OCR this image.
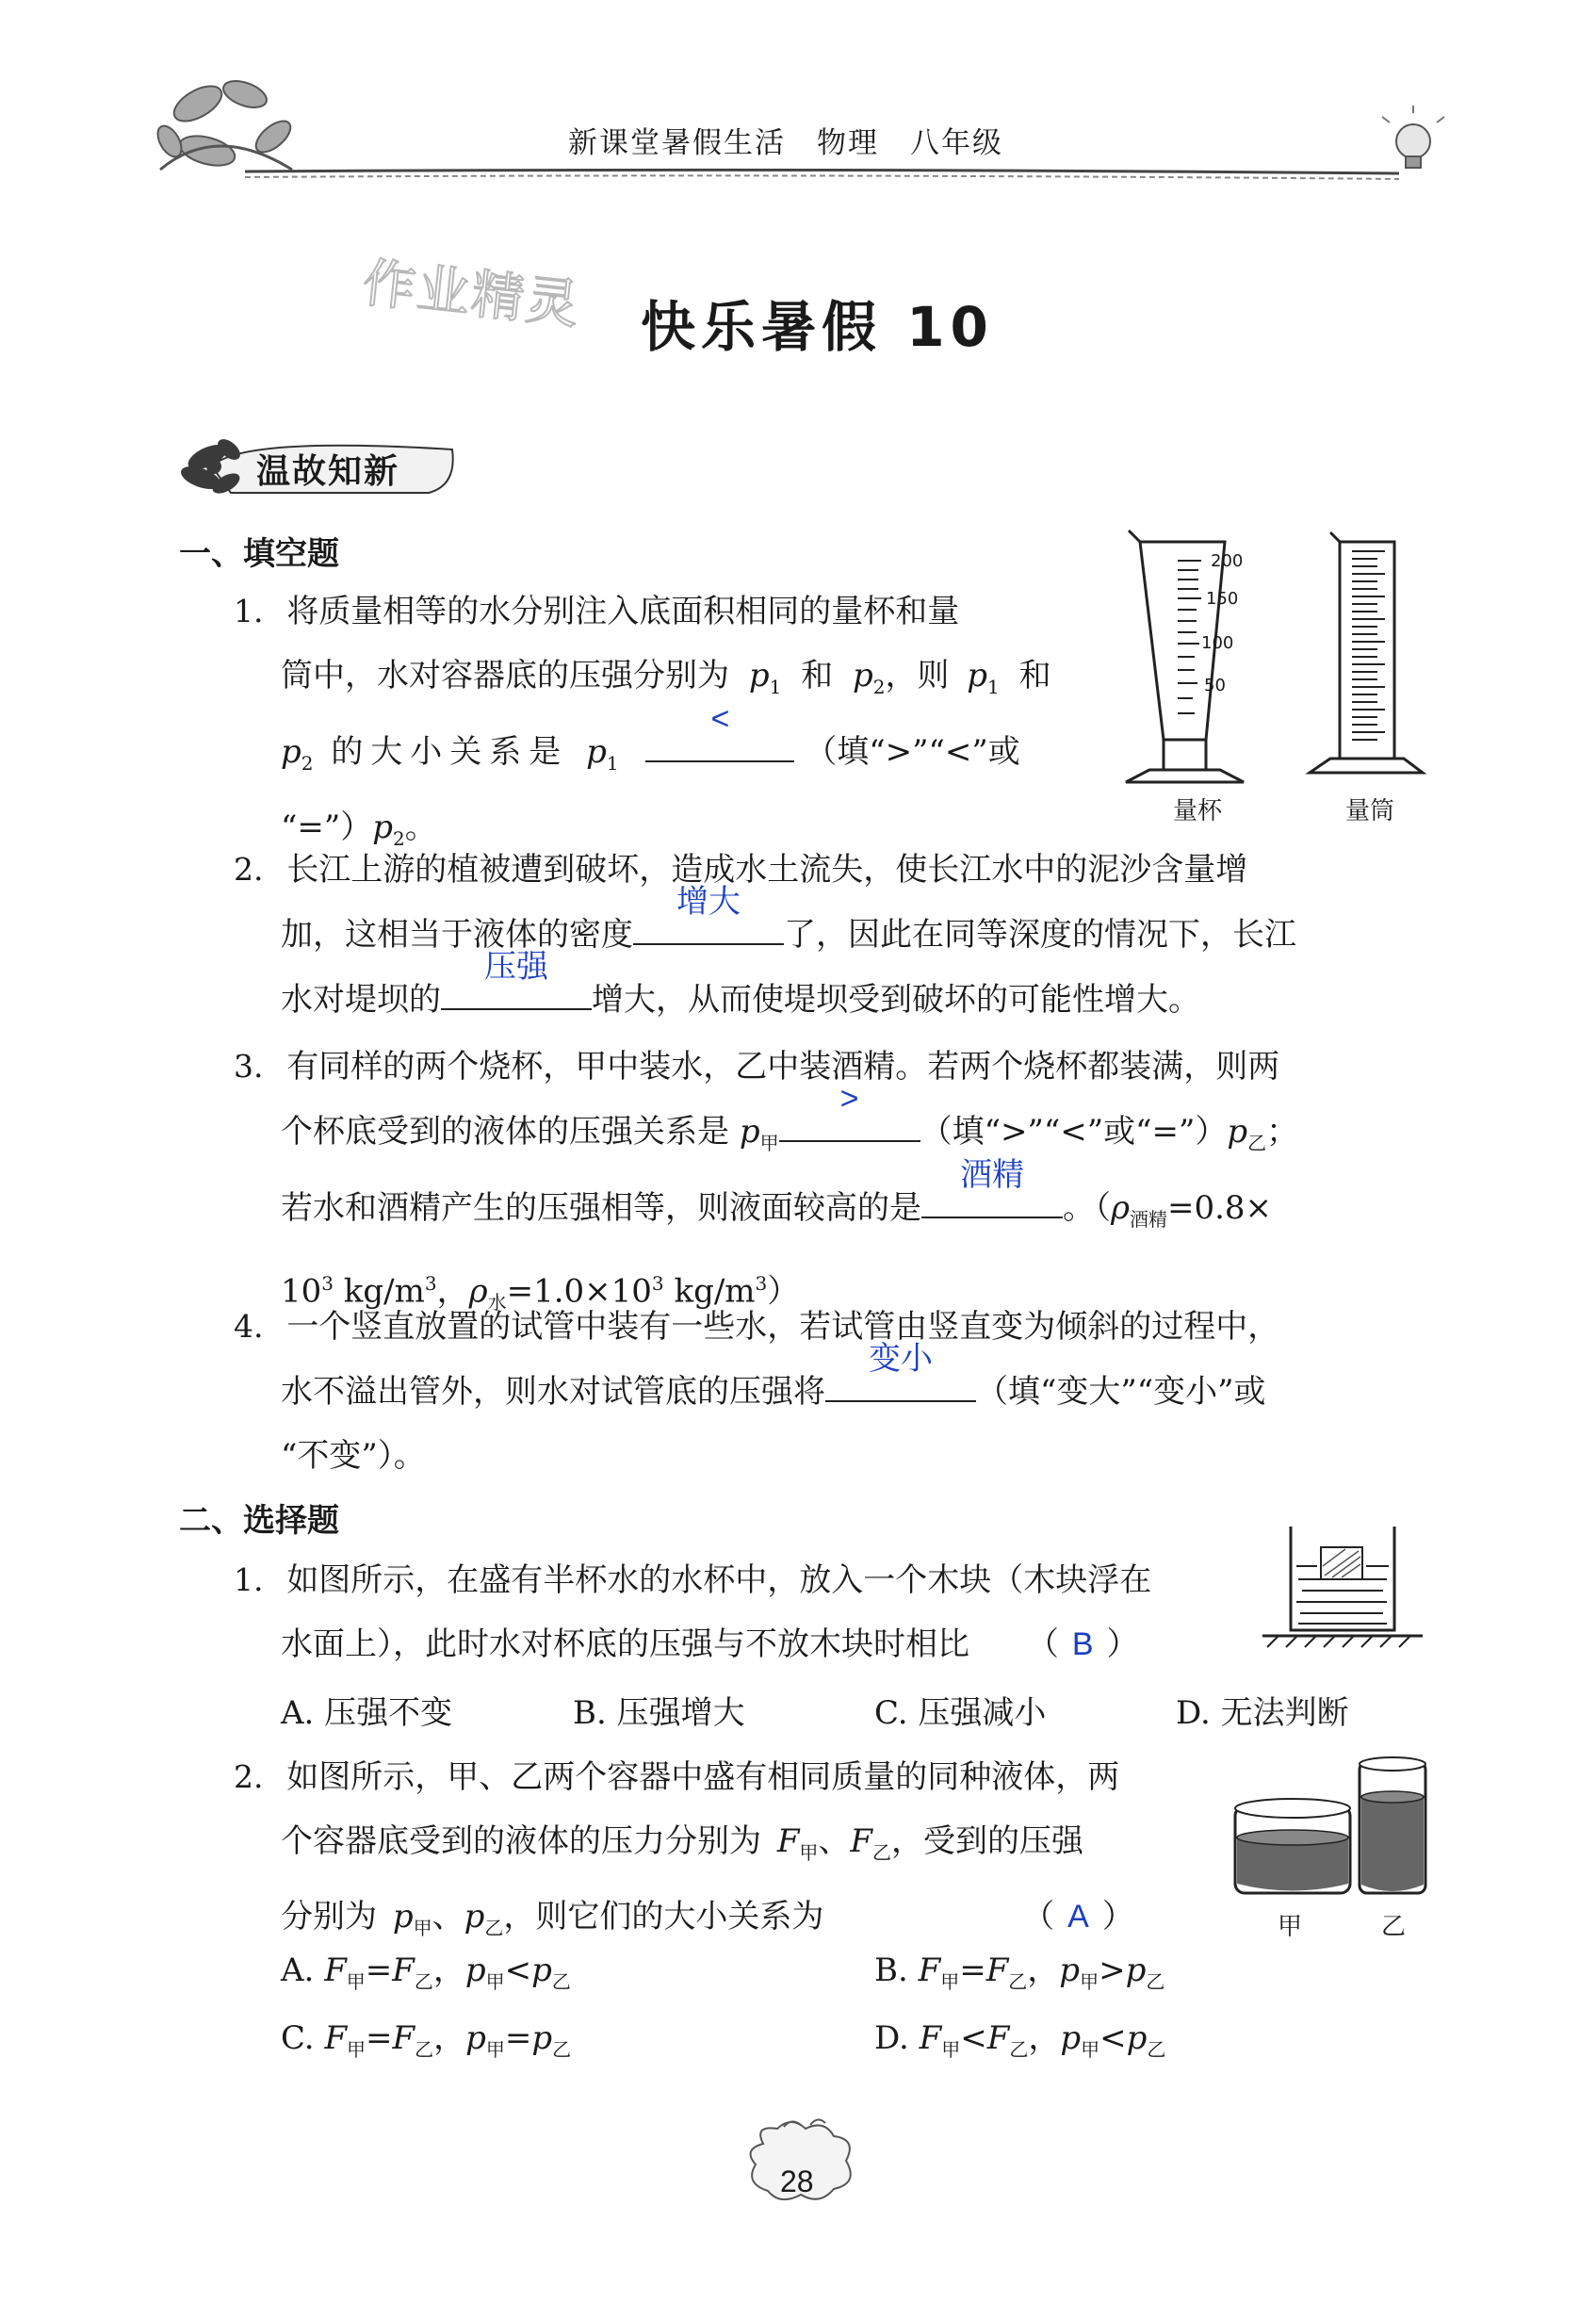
新课堂暑假生活　物理　八年级
作业精灵 快乐暑假 10
温故知新
一、填空题	200
150
100
50
量杯	量筒
1. 将质量相等的水分别注入底面积相同的量杯和量
筒中，水对容器底的压强分别为 $p_1$ 和 $p_2$，则 $p_1$ 和
$p_2$ 的大小关系是 $p_1$
<
（填“>”“<”或
“$=”)p_2$。
2. 长江上游的植被遭到破坏，造成水土流失，使长江水中的泥沙含量增
加，这相当于液体的密度
增大
了，因此在同等深度的情况下，长江
水对堤坝的
压强
增大，从而使堤坝受到破坏的可能性增大。
3. 有同样的两个烧杯，甲中装水，乙中装酒精。若两个烧杯都装满，则两
个杯底受到的液体的压强关系是 $p_甲$
>
（填“>”“<”或“$=”)p_乙$；
若水和酒精产生的压强相等，则液面较高的是
酒精
。（$\rho_{酒精}=0.8\times$
$10^3$ $kg/m^3$，$\rho_水=1.0\times 10^3$ $kg/m^3$）
4. 一个竖直放置的试管中装有一些水，若试管由竖直变为倾斜的过程中，
水不溢出管外，则水对试管底的压强将
变小
（填“变大”“变小”或
“不变”）。
二、选择题
1. 如图所示，在盛有半杯水的水杯中，放入一个木块（木块浮在
水面上），此时水对杯底的压强与不放木块时相比 （ B ）
A. 压强不变	B. 压强增大	C. 压强减小	D. 无法判断
甲	乙
2. 如图所示，甲、乙两个容器中盛有相同质量的同种液体，两
个容器底受到的液体的压力分别为 $F_甲$、$F_乙$，受到的压强
分别为 $p_甲$、$p_乙$，则它们的大小关系为	（ A ）
A. $F_甲=F_乙$，$p_甲<p_乙$	B. $F_甲=F_乙$，$p_甲>p_乙$
C. $F_甲=F_乙$，$p_甲=p_乙$	D. $F_甲<F_乙$，$p_甲<p_乙$
28
